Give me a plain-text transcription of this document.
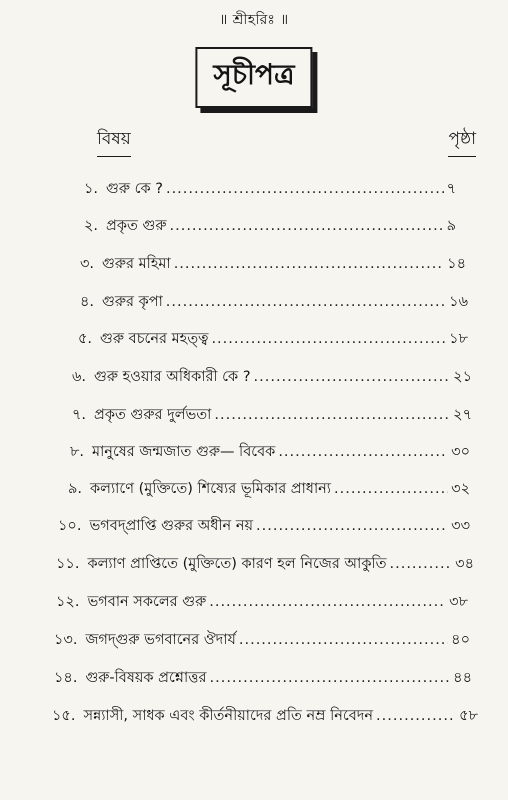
॥ শ্রীহরিঃ ॥
সূচীপত্র
বিষয়	পৃষ্ঠা
১. গুরু কে ? .....	৭
২. প্রকৃত গুরু .....	৯
৩. গুরুর মহিমা .....	১৪
৪. গুরুর কৃপা .....	১৬
৫. গুরু বচনের মহত্ত্ব .....	১৮
৬. গুরু হওয়ার অধিকারী কে ? .....	২১
৭. প্রকৃত গুরুর দুর্লভতা .....	২৭
৮. মানুষের জন্মজাত গুরু— বিবেক .....	৩০
৯. কল্যাণে (মুক্তিতে) শিষ্যের ভূমিকার প্রাধান্য .....	৩২
১০. ভগবদ্প্রাপ্তি গুরুর অধীন নয় .....	৩৩
১১. কল্যাণ প্রাপ্তিতে (মুক্তিতে) কারণ হল নিজের আকুতি .....	৩৪
১২. ভগবান সকলের গুরু .....	৩৮
১৩. জগদ্‌গুরু ভগবানের ঔদার্য .....	৪০
১৪. গুরু-বিষয়ক প্রশ্নোত্তর .....	৪৪
১৫. সন্ন্যাসী, সাধক এবং কীর্তনীয়াদের প্রতি নম্র নিবেদন .....	৫৮
